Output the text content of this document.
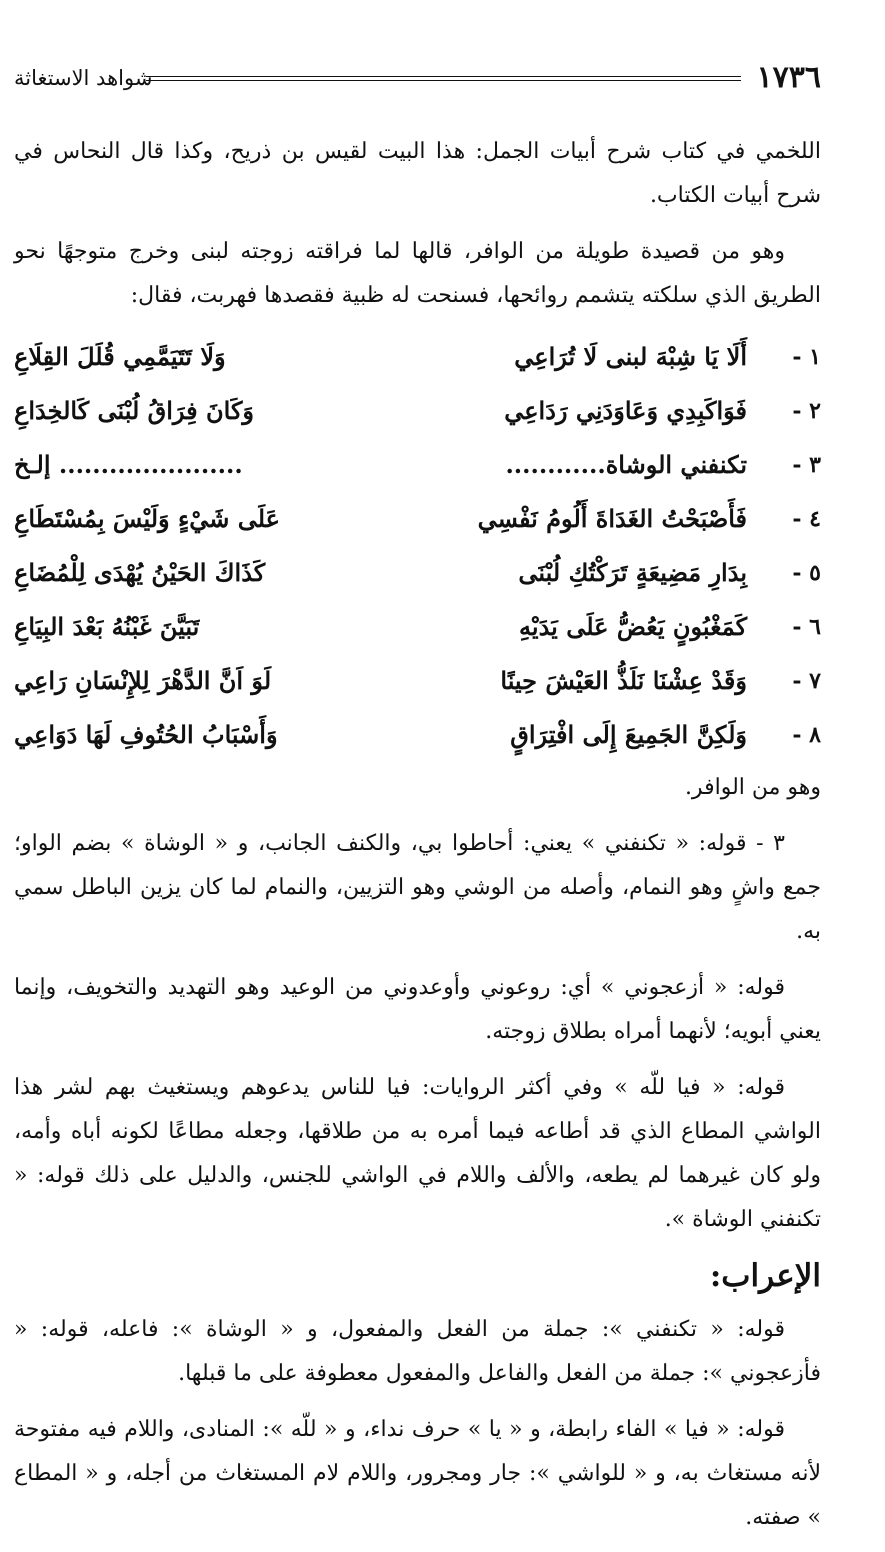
١٧٣٦
شواهد الاستغاثة

اللخمي في كتاب شرح أبيات الجمل: هذا البيت لقيس بن ذريح، وكذا قال النحاس في شرح أبيات الكتاب.

وهو من قصيدة طويلة من الوافر، قالها لما فراقته زوجته لبنى وخرج متوجهًا نحو الطريق الذي سلكته يتشمم روائحها، فسنحت له ظبية فقصدها فهربت، فقال:

١ -
أَلَا يَا شِبْهَ لبنى لَا تُرَاعِي
وَلَا تَتَيَمَّمِي قُلَلَ القِلَاعِ
٢ -
فَوَاكَبِدِي وَعَاوَدَنِي رَدَاعِي
وَكَانَ فِرَاقُ لُبْنَى كَالخِدَاعِ
٣ -
تكنفني الوشاة............
...................... إلـخ
٤ -
فَأَصْبَحْتُ الغَدَاةَ أَلُومُ نَفْسِي
عَلَى شَيْءٍ وَلَيْسَ بِمُسْتَطَاعِ
٥ -
بِدَارِ مَضِيعَةٍ تَرَكْتُكِ لُبْنَى
كَذَاكَ الحَيْنُ يُهْدَى لِلْمُضَاعِ
٦ -
كَمَغْبُونٍ يَعُضُّ عَلَى يَدَيْهِ
تَبَيَّنَ غَبْنُهُ بَعْدَ البِيَاعِ
٧ -
وَقَدْ عِشْنَا نَلَذُّ العَيْشَ حِينًا
لَوَ اَنَّ الدَّهْرَ لِلإِنْسَانِ رَاعِي
٨ -
وَلَكِنَّ الجَمِيعَ إِلَى افْتِرَاقٍ
وَأَسْبَابُ الحُتُوفِ لَهَا دَوَاعِي

وهو من الوافر.

٣ - قوله: « تكنفني » يعني: أحاطوا بي، والكنف الجانب، و « الوشاة » بضم الواو؛ جمع واشٍ وهو النمام، وأصله من الوشي وهو التزيين، والنمام لما كان يزين الباطل سمي به.

قوله: « أزعجوني » أي: روعوني وأوعدوني من الوعيد وهو التهديد والتخويف، وإنما يعني أبويه؛ لأنهما أمراه بطلاق زوجته.

قوله: « فيا للّه » وفي أكثر الروايات: فيا للناس يدعوهم ويستغيث بهم لشر هذا الواشي المطاع الذي قد أطاعه فيما أمره به من طلاقها، وجعله مطاعًا لكونه أباه وأمه، ولو كان غيرهما لم يطعه، والألف واللام في الواشي للجنس، والدليل على ذلك قوله: « تكنفني الوشاة ».

الإعراب:

قوله: « تكنفني »: جملة من الفعل والمفعول، و « الوشاة »: فاعله، قوله: « فأزعجوني »: جملة من الفعل والفاعل والمفعول معطوفة على ما قبلها.

قوله: « فيا » الفاء رابطة، و « يا » حرف نداء، و « للّه »: المنادى، واللام فيه مفتوحة لأنه مستغاث به، و « للواشي »: جار ومجرور، واللام لام المستغاث من أجله، و « المطاع » صفته.
